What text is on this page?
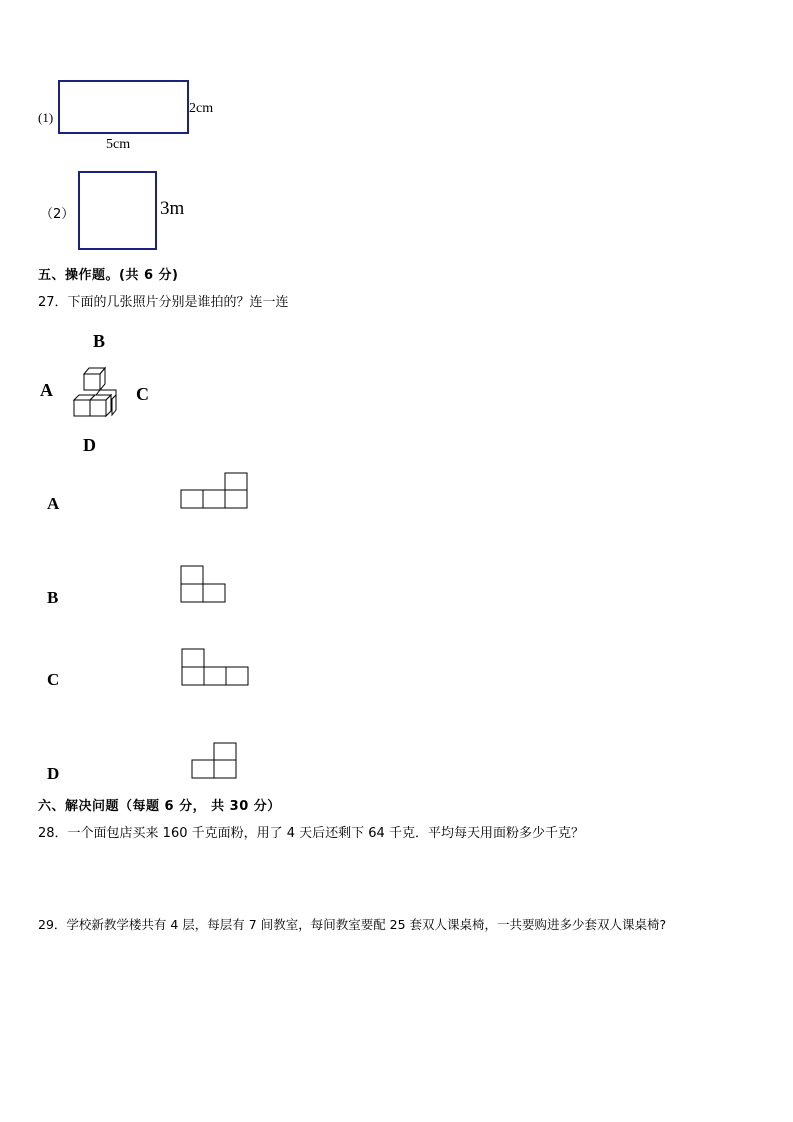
(1)
2cm
5cm
（2）	3m
五、操作题。(共 6 分)
27．下面的几张照片分别是谁拍的？连一连
B
A	C
D
A
B
C
D
六、解决问题（每题 6 分， 共 30 分）
28．一个面包店买来 160 千克面粉，用了 4 天后还剩下 64 千克．平均每天用面粉多少千克？
29．学校新教学楼共有 4 层，每层有 7 间教室，每间教室要配 25 套双人课桌椅，一共要购进多少套双人课桌椅?
